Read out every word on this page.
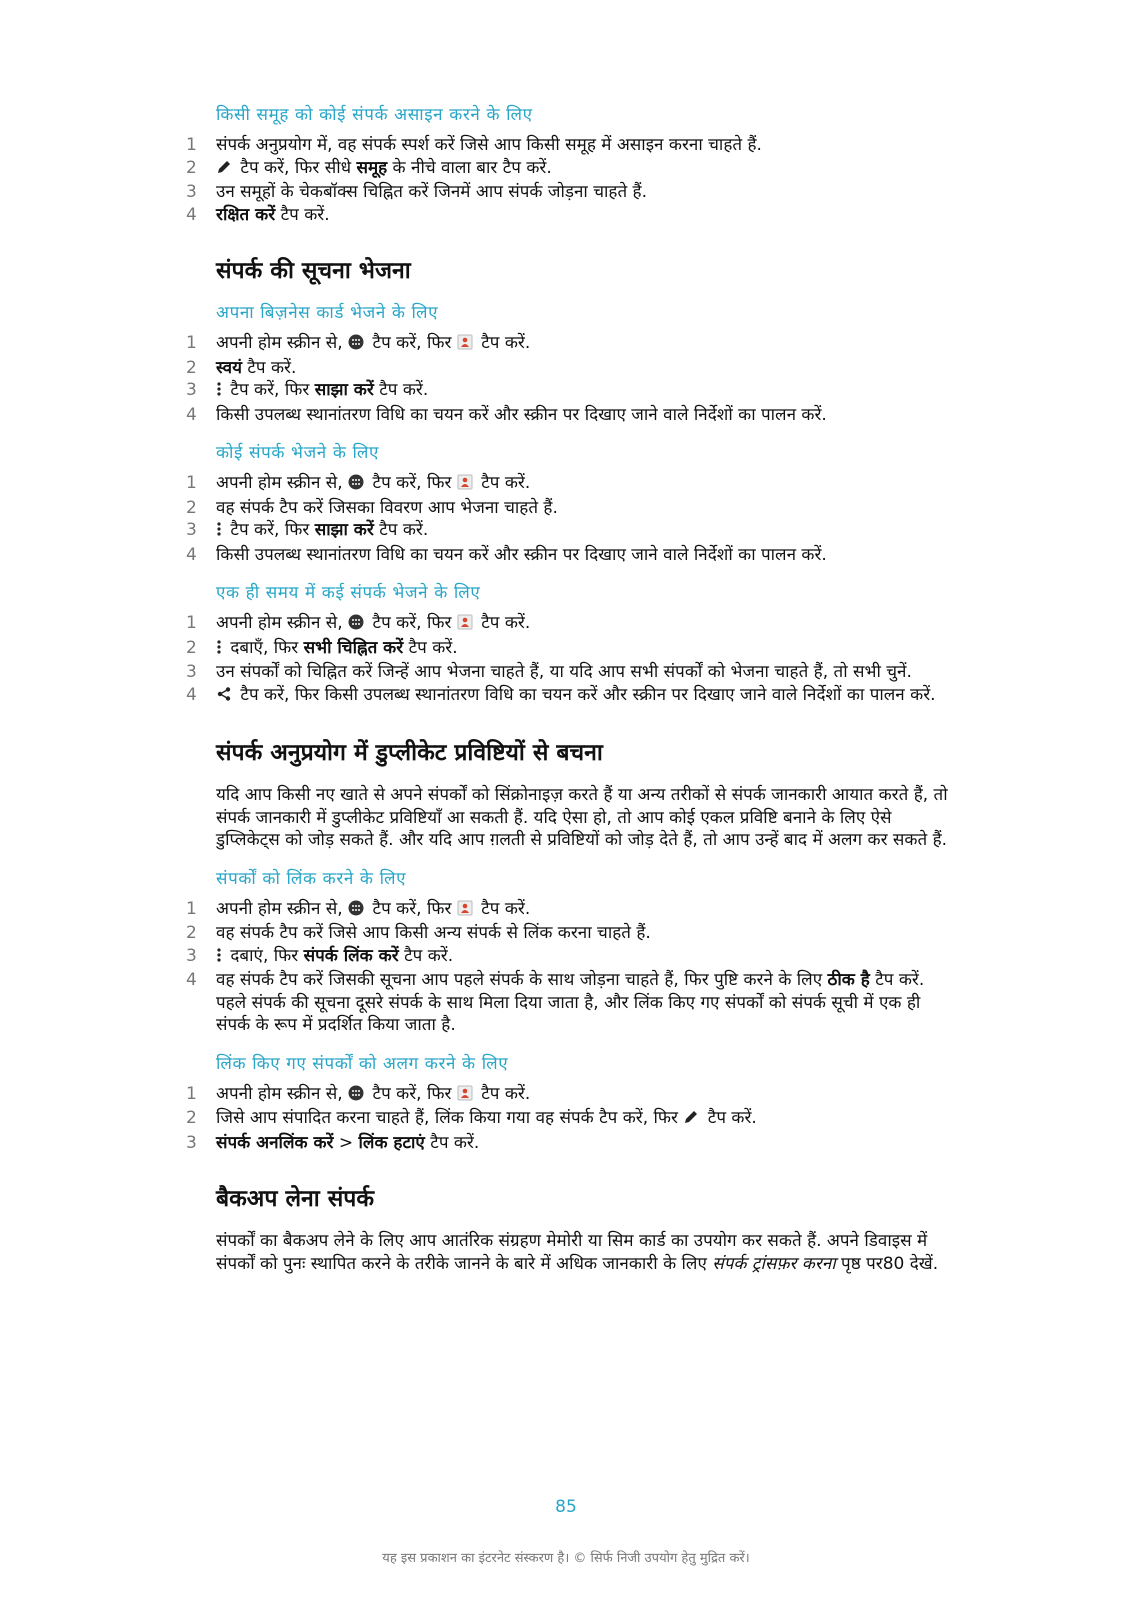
किसी समूह को कोई संपर्क असाइन करने के लिए
1 संपर्क अनुप्रयोग में, वह संपर्क स्पर्श करें जिसे आप किसी समूह में असाइन करना चाहते हैं.
2 टैप करें, फिर सीधे समूह के नीचे वाला बार टैप करें.
3 उन समूहों के चेकबॉक्स चिह्नित करें जिनमें आप संपर्क जोड़ना चाहते हैं.
4 रक्षित करें टैप करें.
संपर्क की सूचना भेजना
अपना बिज़नेस कार्ड भेजने के लिए
1 अपनी होम स्क्रीन से,  टैप करें, फिर  टैप करें.
2 स्वयं टैप करें.
3 टैप करें, फिर साझा करें टैप करें.
4 किसी उपलब्ध स्थानांतरण विधि का चयन करें और स्क्रीन पर दिखाए जाने वाले निर्देशों का पालन करें.
कोई संपर्क भेजने के लिए
1 अपनी होम स्क्रीन से,  टैप करें, फिर  टैप करें.
2 वह संपर्क टैप करें जिसका विवरण आप भेजना चाहते हैं.
3 टैप करें, फिर साझा करें टैप करें.
4 किसी उपलब्ध स्थानांतरण विधि का चयन करें और स्क्रीन पर दिखाए जाने वाले निर्देशों का पालन करें.
एक ही समय में कई संपर्क भेजने के लिए
1 अपनी होम स्क्रीन से,  टैप करें, फिर  टैप करें.
2 दबाएँ, फिर सभी चिह्नित करें टैप करें.
3 उन संपर्कों को चिह्नित करें जिन्हें आप भेजना चाहते हैं, या यदि आप सभी संपर्कों को भेजना चाहते हैं, तो सभी चुनें.
4 टैप करें, फिर किसी उपलब्ध स्थानांतरण विधि का चयन करें और स्क्रीन पर दिखाए जाने वाले निर्देशों का पालन करें.
संपर्क अनुप्रयोग में डुप्लीकेट प्रविष्टियों से बचना

यदि आप किसी नए खाते से अपने संपर्कों को सिंक्रोनाइज़ करते हैं या अन्य तरीकों से संपर्क जानकारी आयात करते हैं, तो संपर्क जानकारी में डुप्लीकेट प्रविष्टियाँ आ सकती हैं. यदि ऐसा हो, तो आप कोई एकल प्रविष्टि बनाने के लिए ऐसे डुप्लिकेट्स को जोड़ सकते हैं. और यदि आप ग़लती से प्रविष्टियों को जोड़ देते हैं, तो आप उन्हें बाद में अलग कर सकते हैं.

संपर्कों को लिंक करने के लिए
1 अपनी होम स्क्रीन से,  टैप करें, फिर  टैप करें.
2 वह संपर्क टैप करें जिसे आप किसी अन्य संपर्क से लिंक करना चाहते हैं.
3 दबाएं, फिर संपर्क लिंक करें टैप करें.
4 वह संपर्क टैप करें जिसकी सूचना आप पहले संपर्क के साथ जोड़ना चाहते हैं, फिर पुष्टि करने के लिए ठीक है टैप करें. पहले संपर्क की सूचना दूसरे संपर्क के साथ मिला दिया जाता है, और लिंक किए गए संपर्कों को संपर्क सूची में एक ही संपर्क के रूप में प्रदर्शित किया जाता है.
लिंक किए गए संपर्कों को अलग करने के लिए
1 अपनी होम स्क्रीन से,  टैप करें, फिर  टैप करें.
2 जिसे आप संपादित करना चाहते हैं, लिंक किया गया वह संपर्क टैप करें, फिर  टैप करें.
3 संपर्क अनलिंक करें > लिंक हटाएं टैप करें.
बैकअप लेना संपर्क

संपर्कों का बैकअप लेने के लिए आप आतंरिक संग्रहण मेमोरी या सिम कार्ड का उपयोग कर सकते हैं. अपने डिवाइस में संपर्कों को पुनः स्थापित करने के तरीके जानने के बारे में अधिक जानकारी के लिए संपर्क ट्रांसफ़र करना पृष्ठ पर80 देखें.

85
यह इस प्रकाशन का इंटरनेट संस्करण है। © सिर्फ निजी उपयोग हेतु मुद्रित करें।
